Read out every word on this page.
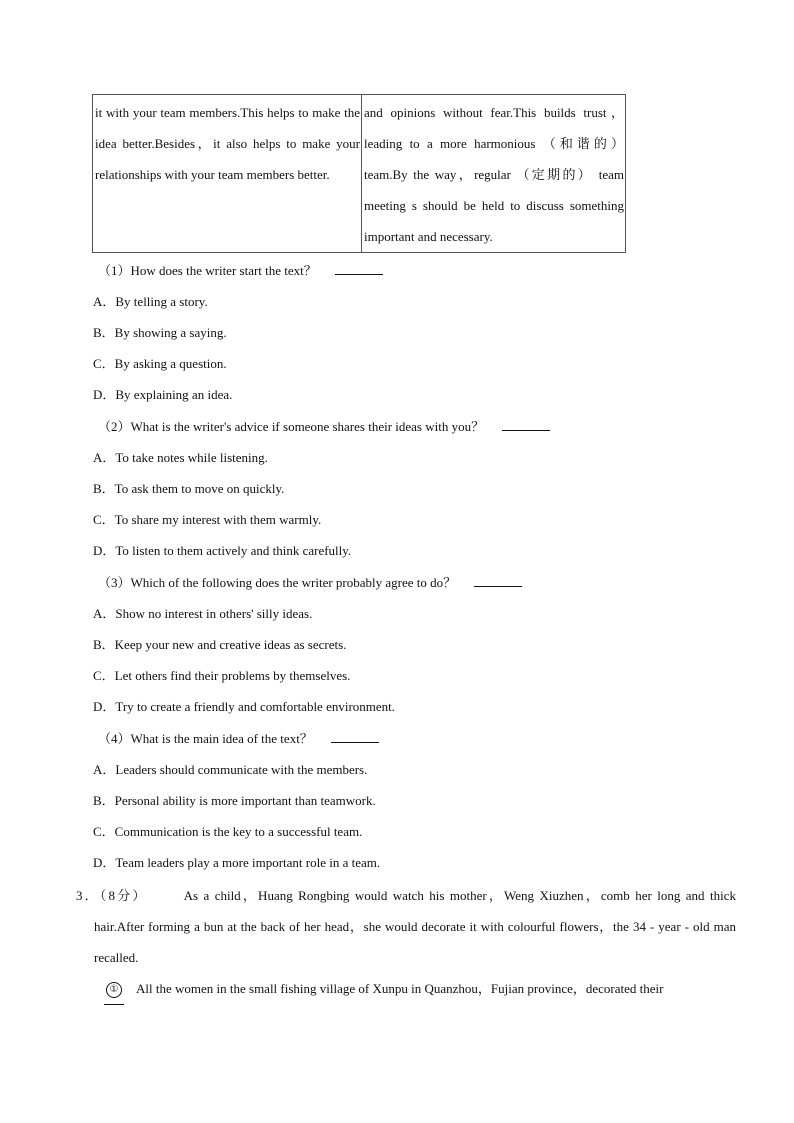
it with your team members.This helps to make the idea better.Besides，it also helps to make your relationships with your team members better.	and opinions without fear.This builds trust，leading to a more harmonious （和谐的） team.By the way，regular （定期的） team meeting s should be held to discuss something important and necessary.
（1）How does the writer start the text？
A．By telling a story.
B．By showing a saying.
C．By asking a question.
D．By explaining an idea.
（2）What is the writer's advice if someone shares their ideas with you？
A．To take notes while listening.
B．To ask them to move on quickly.
C．To share my interest with them warmly.
D．To listen to them actively and think carefully.
（3）Which of the following does the writer probably agree to do？
A．Show no interest in others' silly ideas.
B．Keep your new and creative ideas as secrets.
C．Let others find their problems by themselves.
D．Try to create a friendly and comfortable environment.
（4）What is the main idea of the text？
A．Leaders should communicate with the members.
B．Personal ability is more important than teamwork.
C．Communication is the key to a successful team.
D．Team leaders play a more important role in a team.
3．（8分）	As a child，Huang Rongbing would watch his mother，Weng Xiuzhen，comb her long and thick hair.After forming a bun at the back of her head，she would decorate it with colourful flowers，the 34 - year - old man recalled.
① All the women in the small fishing village of Xunpu in Quanzhou，Fujian province，decorated their
